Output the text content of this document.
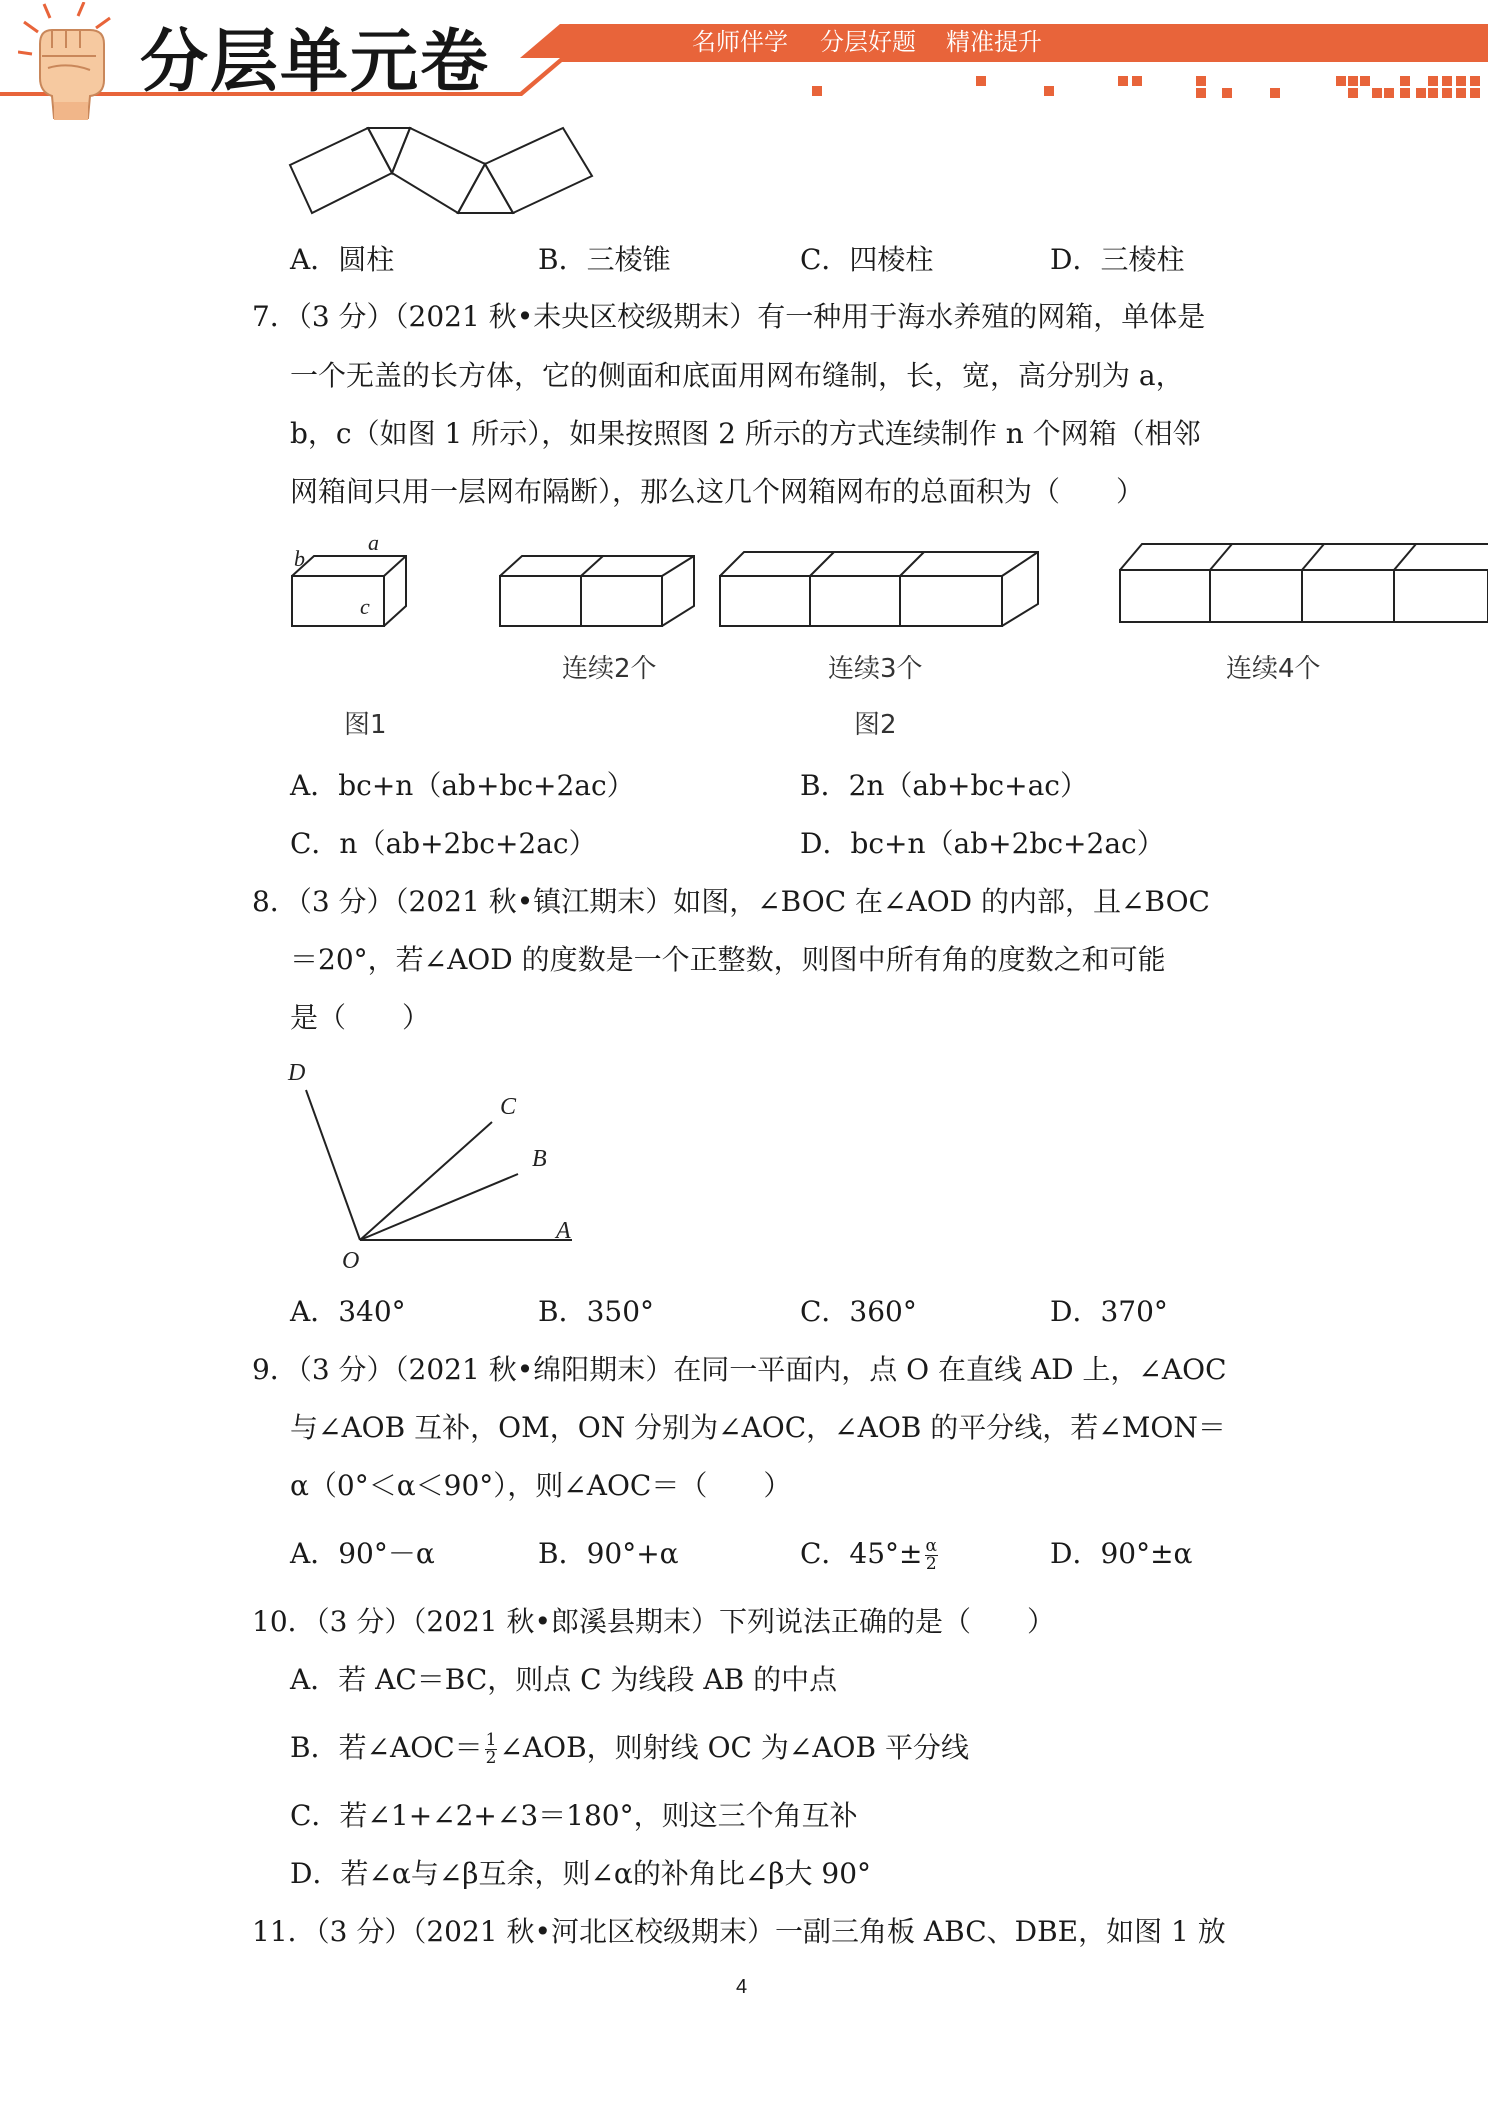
分层单元卷	名师伴学 分层好题 精准提升
A．圆柱	B．三棱锥	C．四棱柱	D．三棱柱
7．（3 分）（2021 秋•未央区校级期末）有一种用于海水养殖的网箱，单体是
一个无盖的长方体，它的侧面和底面用网布缝制，长，宽，高分别为 a，
b，c（如图 1 所示），如果按照图 2 所示的方式连续制作 n 个网箱（相邻
网箱间只用一层网布隔断），那么这几个网箱网布的总面积为（　　）
b
a
c
连续2个	连续3个	连续4个
图1	图2
A．bc+n（ab+bc+2ac）	B．2n（ab+bc+ac）
C．n（ab+2bc+2ac）	D．bc+n（ab+2bc+2ac）
8．（3 分）（2021 秋•镇江期末）如图，∠BOC 在∠AOD 的内部，且∠BOC
＝20°，若∠AOD 的度数是一个正整数，则图中所有角的度数之和可能
是（　　）
D
C
B
A
O
A．340°	B．350°	C．360°	D．370°
9．（3 分）（2021 秋•绵阳期末）在同一平面内，点 O 在直线 AD 上，∠AOC
与∠AOB 互补，OM，ON 分别为∠AOC，∠AOB 的平分线，若∠MON＝
α（0°＜α＜90°），则∠AOC＝（　　）
A．90°－α	B．90°+α	C．$45^\circ\pm \frac{\alpha}{2}$	D．90°±α
10．（3 分）（2021 秋•郎溪县期末）下列说法正确的是（　　）
A．若 AC＝BC，则点 C 为线段 AB 的中点
B．若∠AOC＝ $\frac{1}{2}$ ∠AOB，则射线 OC 为∠AOB 平分线
C．若∠1+∠2+∠3＝180°，则这三个角互补
D．若∠α与∠β互余，则∠α的补角比∠β大 90°
11．（3 分）（2021 秋•河北区校级期末）一副三角板 ABC、DBE，如图 1 放
4
